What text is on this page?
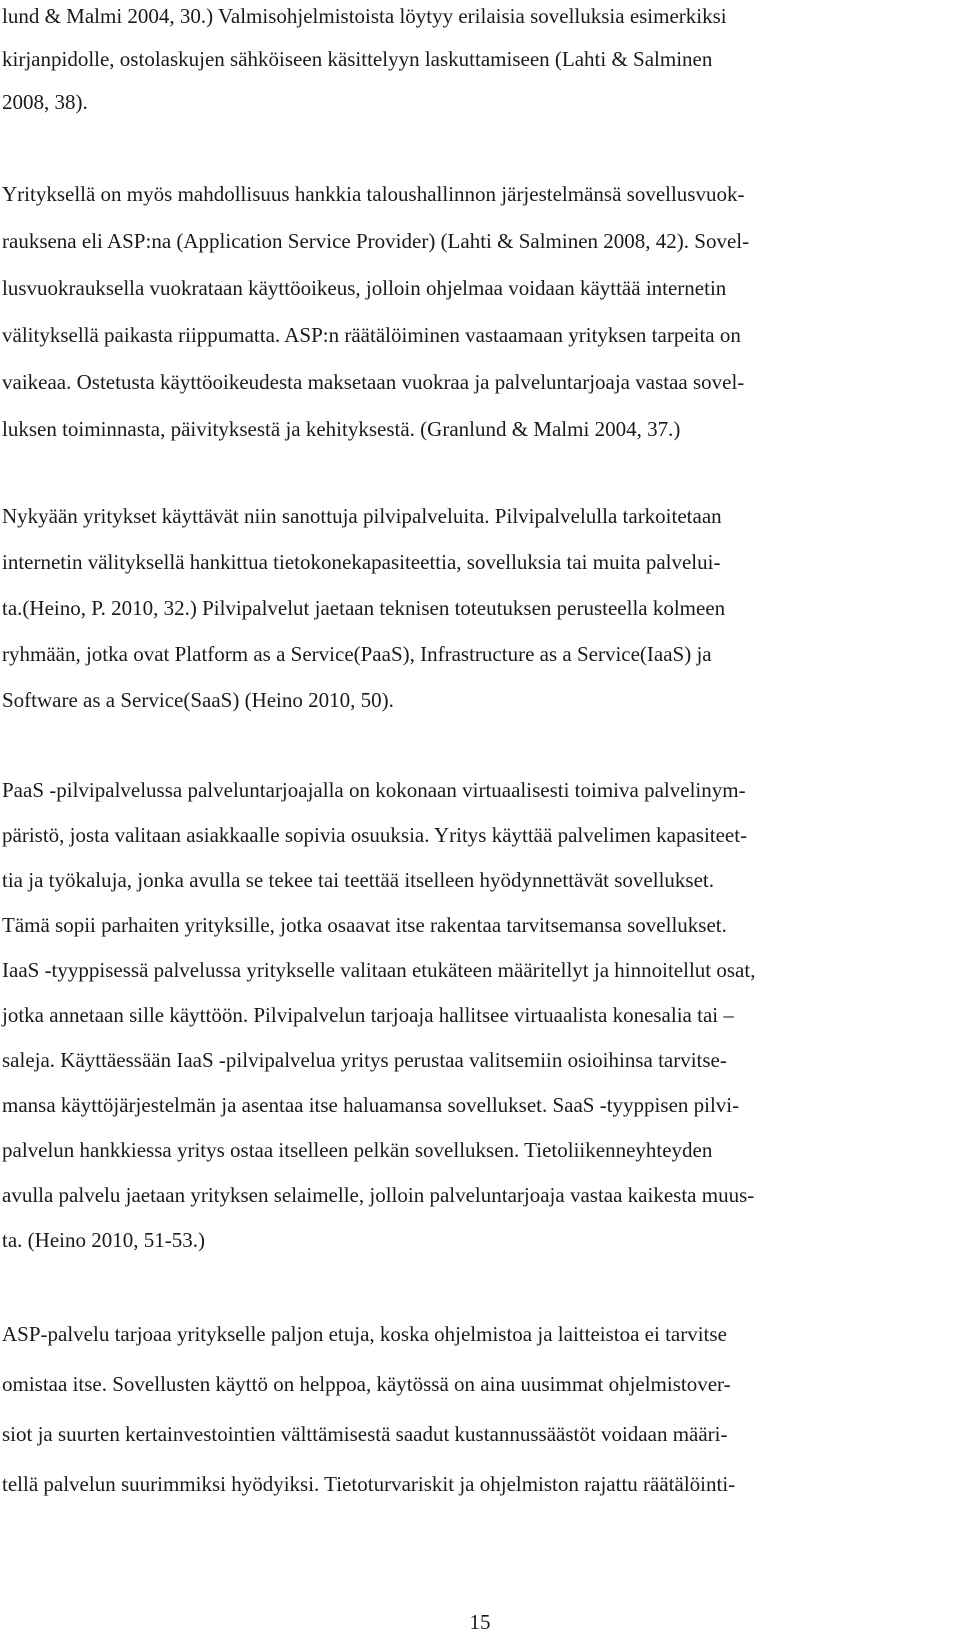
lund & Malmi 2004, 30.) Valmisohjelmistoista löytyy erilaisia sovelluksia esimerkiksi

kirjanpidolle, ostolaskujen sähköiseen käsittelyyn laskuttamiseen (Lahti & Salminen

2008, 38).

Yrityksellä on myös mahdollisuus hankkia taloushallinnon järjestelmänsä sovellusvuok-

rauksena eli ASP:na (Application Service Provider) (Lahti & Salminen 2008, 42). Sovel-

lusvuokrauksella vuokrataan käyttöoikeus, jolloin ohjelmaa voidaan käyttää internetin

välityksellä paikasta riippumatta. ASP:n räätälöiminen vastaamaan yrityksen tarpeita on

vaikeaa. Ostetusta käyttöoikeudesta maksetaan vuokraa ja palveluntarjoaja vastaa sovel-

luksen toiminnasta, päivityksestä ja kehityksestä. (Granlund & Malmi 2004, 37.)

Nykyään yritykset käyttävät niin sanottuja pilvipalveluita. Pilvipalvelulla tarkoitetaan

internetin välityksellä hankittua tietokonekapasiteettia, sovelluksia tai muita palvelui-

ta.(Heino, P. 2010, 32.) Pilvipalvelut jaetaan teknisen toteutuksen perusteella kolmeen

ryhmään, jotka ovat Platform as a Service(PaaS), Infrastructure as a Service(IaaS) ja

Software as a Service(SaaS) (Heino 2010, 50).

PaaS -pilvipalvelussa palveluntarjoajalla on kokonaan virtuaalisesti toimiva palvelinym-

päristö, josta valitaan asiakkaalle sopivia osuuksia. Yritys käyttää palvelimen kapasiteet-

tia ja työkaluja, jonka avulla se tekee tai teettää itselleen hyödynnettävät sovellukset.

Tämä sopii parhaiten yrityksille, jotka osaavat itse rakentaa tarvitsemansa sovellukset.

IaaS -tyyppisessä palvelussa yritykselle valitaan etukäteen määritellyt ja hinnoitellut osat,

jotka annetaan sille käyttöön. Pilvipalvelun tarjoaja hallitsee virtuaalista konesalia tai –

saleja. Käyttäessään IaaS -pilvipalvelua yritys perustaa valitsemiin osioihinsa tarvitse-

mansa käyttöjärjestelmän ja asentaa itse haluamansa sovellukset. SaaS -tyyppisen pilvi-

palvelun hankkiessa yritys ostaa itselleen pelkän sovelluksen. Tietoliikenneyhteyden

avulla palvelu jaetaan yrityksen selaimelle, jolloin palveluntarjoaja vastaa kaikesta muus-

ta. (Heino 2010, 51-53.)

ASP-palvelu tarjoaa yritykselle paljon etuja, koska ohjelmistoa ja laitteistoa ei tarvitse

omistaa itse. Sovellusten käyttö on helppoa, käytössä on aina uusimmat ohjelmistover-

siot ja suurten kertainvestointien välttämisestä saadut kustannussäästöt voidaan määri-

tellä palvelun suurimmiksi hyödyiksi. Tietoturvariskit ja ohjelmiston rajattu räätälöinti-

15
